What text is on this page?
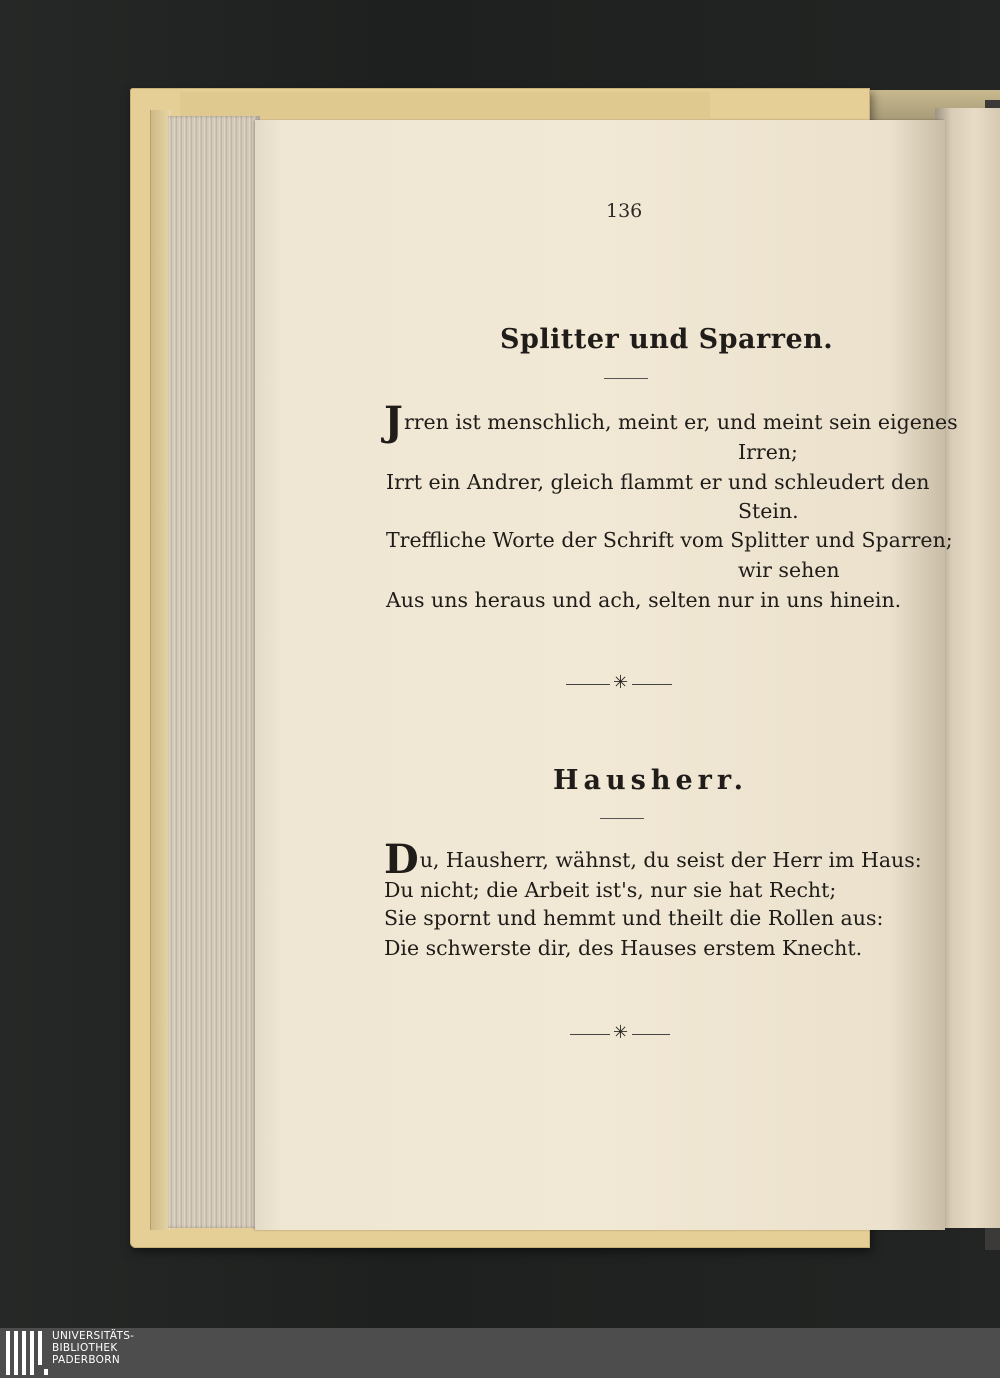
136
Splitter und Sparren.
Jrren ist menschlich, meint er, und meint sein eigenes
Irren;
Irrt ein Andrer, gleich flammt er und schleudert den
Stein.
Treffliche Worte der Schrift vom Splitter und Sparren;
wir sehen
Aus uns heraus und ach, selten nur in uns hinein.
✳
Hausherr.
Du, Hausherr, wähnst, du seist der Herr im Haus:
Du nicht; die Arbeit ist's, nur sie hat Recht;
Sie spornt und hemmt und theilt die Rollen aus:
Die schwerste dir, des Hauses erstem Knecht.
✳
UNIVERSITÄTS-
BIBLIOTHEK
PADERBORN
